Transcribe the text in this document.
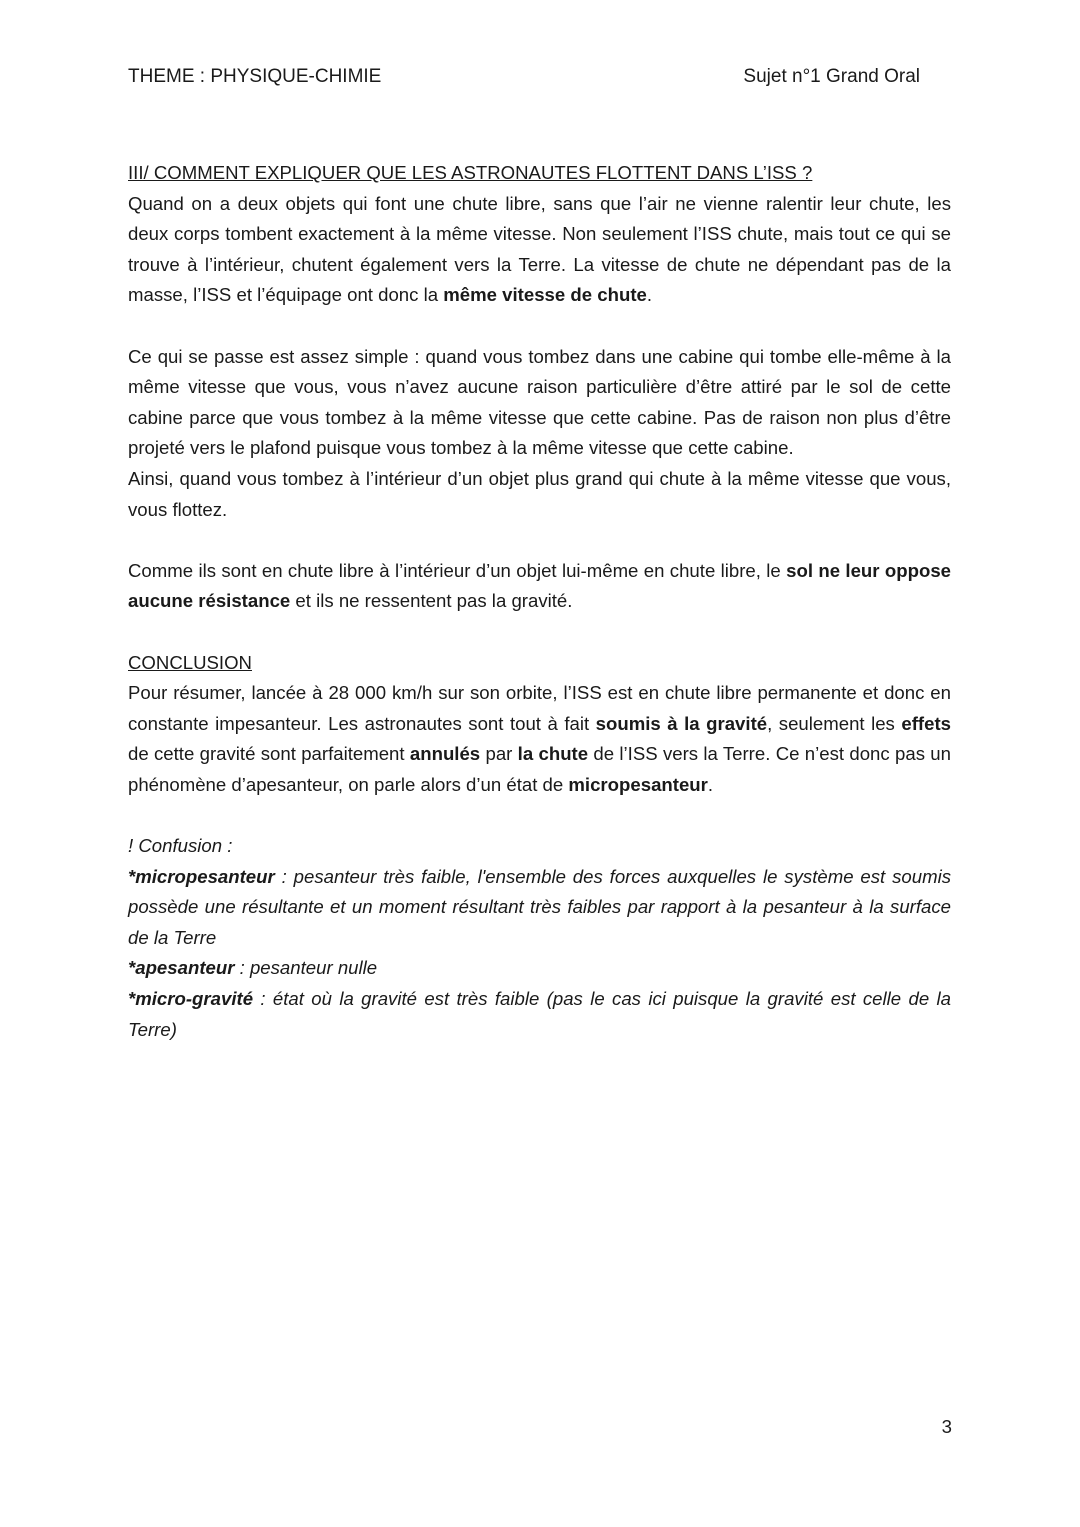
THEME : PHYSIQUE-CHIMIE	Sujet n°1 Grand Oral
III/ COMMENT EXPLIQUER QUE LES ASTRONAUTES FLOTTENT DANS L’ISS ?

Quand on a deux objets qui font une chute libre, sans que l’air ne vienne ralentir leur chute, les deux corps tombent exactement à la même vitesse. Non seulement l’ISS chute, mais tout ce qui se trouve à l’intérieur, chutent également vers la Terre. La vitesse de chute ne dépendant pas de la masse, l’ISS et l’équipage ont donc la même vitesse de chute.

Ce qui se passe est assez simple : quand vous tombez dans une cabine qui tombe elle-même à la même vitesse que vous, vous n’avez aucune raison particulière d’être attiré par le sol de cette cabine parce que vous tombez à la même vitesse que cette cabine. Pas de raison non plus d’être projeté vers le plafond puisque vous tombez à la même vitesse que cette cabine.

Ainsi, quand vous tombez à l’intérieur d’un objet plus grand qui chute à la même vitesse que vous, vous flottez.

Comme ils sont en chute libre à l’intérieur d’un objet lui-même en chute libre, le sol ne leur oppose aucune résistance et ils ne ressentent pas la gravité.

CONCLUSION

Pour résumer, lancée à 28 000 km/h sur son orbite, l’ISS est en chute libre permanente et donc en constante impesanteur. Les astronautes sont tout à fait soumis à la gravité, seulement les effets de cette gravité sont parfaitement annulés par la chute de l’ISS vers la Terre. Ce n’est donc pas un phénomène d’apesanteur, on parle alors d’un état de micropesanteur.

! Confusion :

*micropesanteur : pesanteur très faible, l'ensemble des forces auxquelles le système est soumis possède une résultante et un moment résultant très faibles par rapport à la pesanteur à la surface de la Terre

*apesanteur : pesanteur nulle

*micro-gravité : état où la gravité est très faible (pas le cas ici puisque la gravité est celle de la Terre)

3
